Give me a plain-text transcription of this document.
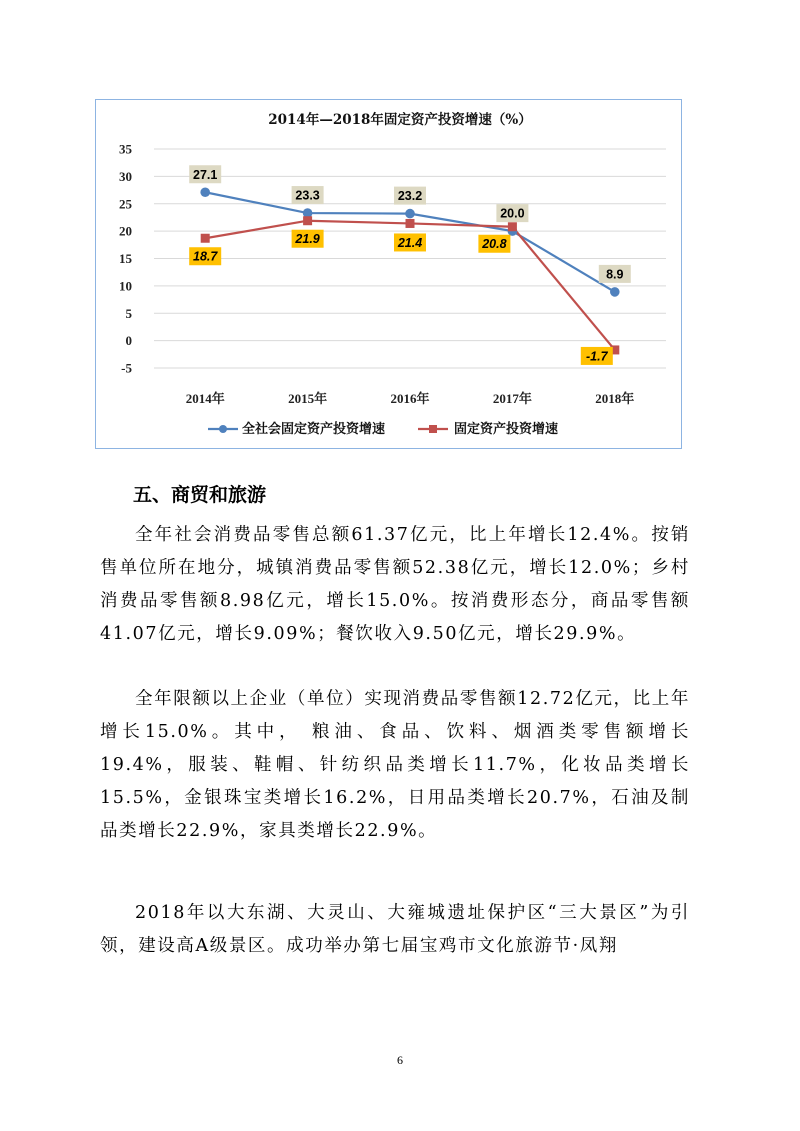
2014年—2018年固定资产投资增速（%）
35
30
25
20
15
10
5
0
-5
2014年	2015年	2016年	2017年	2018年
27.1
23.3	23.2
20.0
8.9
18.7
21.9	21.4	20.8
-1.7
全社会固定资产投资增速	固定资产投资增速
五、商贸和旅游

全年社会消费品零售总额61.37亿元，比上年增长12.4%。按销售单位所在地分，城镇消费品零售额52.38亿元，增长12.0%；乡村消费品零售额8.98亿元，增长15.0%。按消费形态分，商品零售额41.07亿元，增长9.09%；餐饮收入9.50亿元，增长29.9%。

全年限额以上企业（单位）实现消费品零售额12.72亿元，比上年增长15.0%。其中， 粮油、食品、饮料、烟酒类零售额增长19.4%，服装、鞋帽、针纺织品类增长11.7%，化妆品类增长15.5%，金银珠宝类增长16.2%，日用品类增长20.7%，石油及制品类增长22.9%，家具类增长22.9%。

2018年以大东湖、大灵山、大雍城遗址保护区“三大景区”为引领，建设高A级景区。成功举办第七届宝鸡市文化旅游节·凤翔

6
